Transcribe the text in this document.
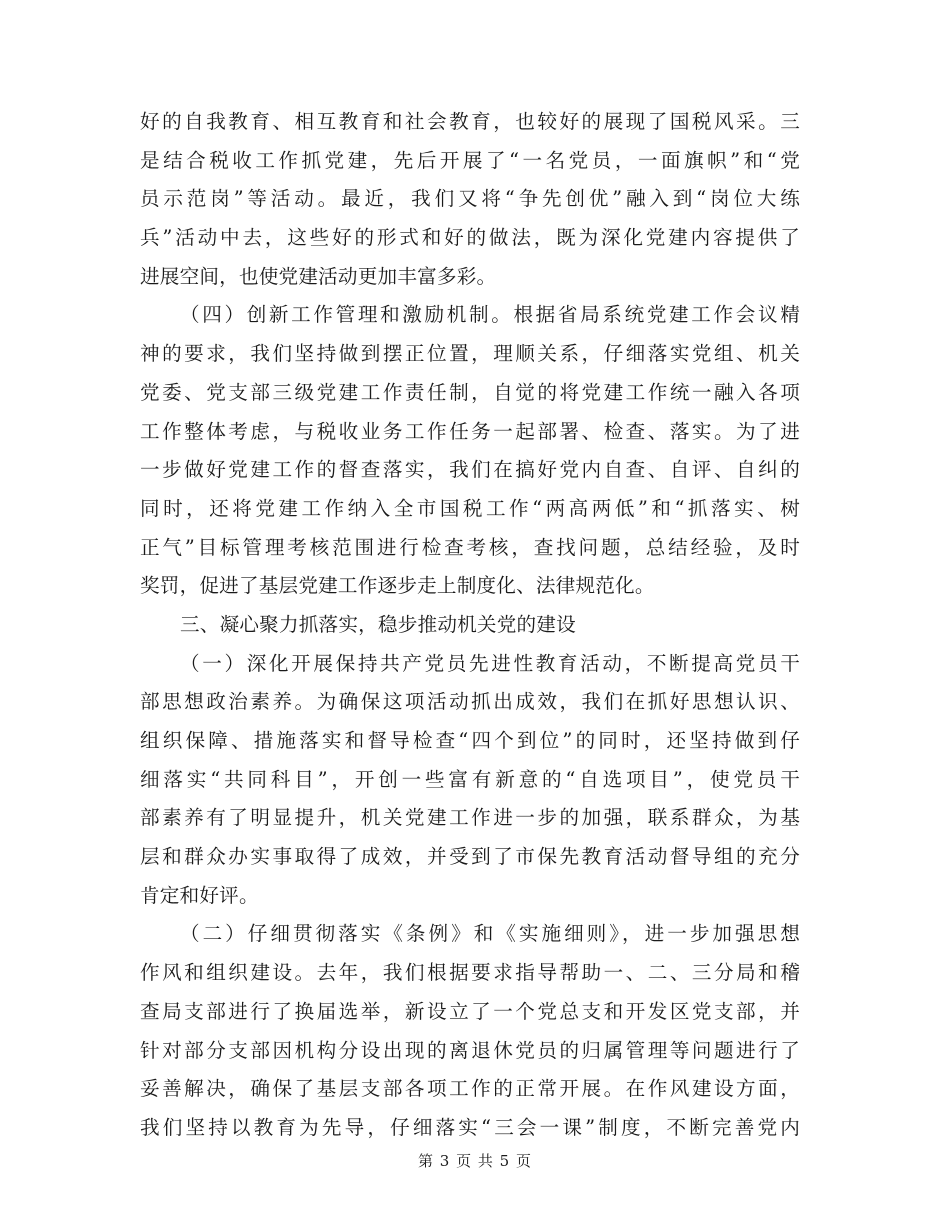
好的自我教育、相互教育和社会教育，也较好的展现了国税风采。三
是结合税收工作抓党建，先后开展了“一名党员，一面旗帜”和“党
员示范岗”等活动。最近，我们又将“争先创优”融入到“岗位大练
兵”活动中去，这些好的形式和好的做法，既为深化党建内容提供了
进展空间，也使党建活动更加丰富多彩。
（四）创新工作管理和激励机制。根据省局系统党建工作会议精
神的要求，我们坚持做到摆正位置，理顺关系，仔细落实党组、机关
党委、党支部三级党建工作责任制，自觉的将党建工作统一融入各项
工作整体考虑，与税收业务工作任务一起部署、检查、落实。为了进
一步做好党建工作的督查落实，我们在搞好党内自查、自评、自纠的
同时，还将党建工作纳入全市国税工作“两高两低”和“抓落实、树
正气”目标管理考核范围进行检查考核，查找问题，总结经验，及时
奖罚，促进了基层党建工作逐步走上制度化、法律规范化。
三、凝心聚力抓落实，稳步推动机关党的建设
（一）深化开展保持共产党员先进性教育活动，不断提高党员干
部思想政治素养。为确保这项活动抓出成效，我们在抓好思想认识、
组织保障、措施落实和督导检查“四个到位”的同时，还坚持做到仔
细落实“共同科目”，开创一些富有新意的“自选项目”，使党员干
部素养有了明显提升，机关党建工作进一步的加强，联系群众，为基
层和群众办实事取得了成效，并受到了市保先教育活动督导组的充分
肯定和好评。
（二）仔细贯彻落实《条例》和《实施细则》，进一步加强思想
作风和组织建设。去年，我们根据要求指导帮助一、二、三分局和稽
查局支部进行了换届选举，新设立了一个党总支和开发区党支部，并
针对部分支部因机构分设出现的离退休党员的归属管理等问题进行了
妥善解决，确保了基层支部各项工作的正常开展。在作风建设方面，
我们坚持以教育为先导，仔细落实“三会一课”制度，不断完善党内
第 3 页 共 5 页
